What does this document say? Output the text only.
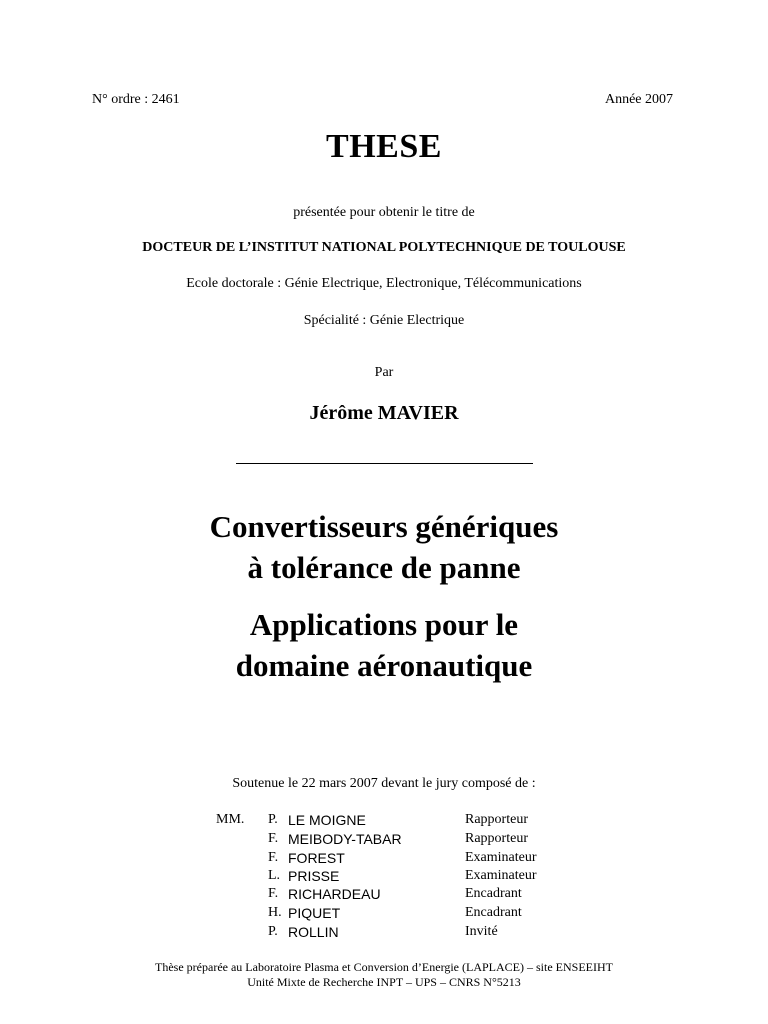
N° ordre : 2461	Année 2007
THESE
présentée pour obtenir le titre de
DOCTEUR DE L’INSTITUT NATIONAL POLYTECHNIQUE DE TOULOUSE
Ecole doctorale : Génie Electrique, Electronique, Télécommunications
Spécialité : Génie Electrique
Par
Jérôme MAVIER
Convertisseurs génériques
à tolérance de panne
Applications pour le
domaine aéronautique
Soutenue le 22 mars 2007 devant le jury composé de :
MM. P. LE MOIGNE	Rapporteur
F. MEIBODY-TABAR	Rapporteur
F. FOREST	Examinateur
L. PRISSE	Examinateur
F. RICHARDEAU	Encadrant
H. PIQUET	Encadrant
P. ROLLIN	Invité
Thèse préparée au Laboratoire Plasma et Conversion d’Energie (LAPLACE) – site ENSEEIHT
Unité Mixte de Recherche INPT – UPS – CNRS N°5213
